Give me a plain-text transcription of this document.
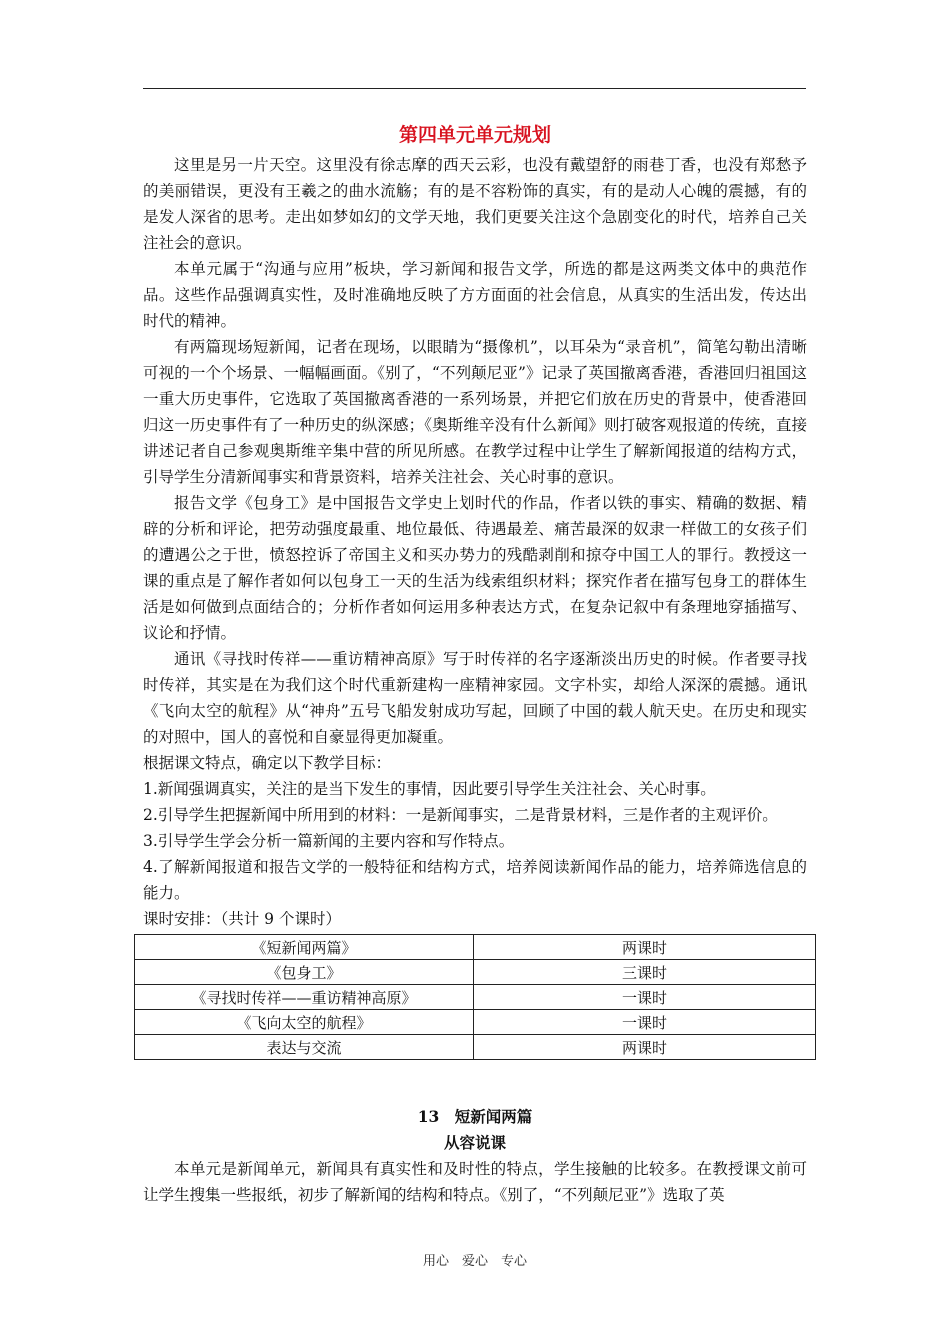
第四单元单元规划

这里是另一片天空。这里没有徐志摩的西天云彩，也没有戴望舒的雨巷丁香，也没有郑愁予的美丽错误，更没有王羲之的曲水流觞；有的是不容粉饰的真实，有的是动人心魄的震撼，有的是发人深省的思考。走出如梦如幻的文学天地，我们更要关注这个急剧变化的时代，培养自己关注社会的意识。

本单元属于“沟通与应用”板块，学习新闻和报告文学，所选的都是这两类文体中的典范作品。这些作品强调真实性，及时准确地反映了方方面面的社会信息，从真实的生活出发，传达出时代的精神。

有两篇现场短新闻，记者在现场，以眼睛为“摄像机”，以耳朵为“录音机”，简笔勾勒出清晰可视的一个个场景、一幅幅画面。《别了，“不列颠尼亚”》记录了英国撤离香港，香港回归祖国这一重大历史事件，它选取了英国撤离香港的一系列场景，并把它们放在历史的背景中，使香港回归这一历史事件有了一种历史的纵深感；《奥斯维辛没有什么新闻》则打破客观报道的传统，直接讲述记者自己参观奥斯维辛集中营的所见所感。在教学过程中让学生了解新闻报道的结构方式，引导学生分清新闻事实和背景资料，培养关注社会、关心时事的意识。

报告文学《包身工》是中国报告文学史上划时代的作品，作者以铁的事实、精确的数据、精辟的分析和评论，把劳动强度最重、地位最低、待遇最差、痛苦最深的奴隶一样做工的女孩子们的遭遇公之于世，愤怒控诉了帝国主义和买办势力的残酷剥削和掠夺中国工人的罪行。教授这一课的重点是了解作者如何以包身工一天的生活为线索组织材料；探究作者在描写包身工的群体生活是如何做到点面结合的；分析作者如何运用多种表达方式，在复杂记叙中有条理地穿插描写、议论和抒情。

通讯《寻找时传祥——重访精神高原》写于时传祥的名字逐渐淡出历史的时候。作者要寻找时传祥，其实是在为我们这个时代重新建构一座精神家园。文字朴实，却给人深深的震撼。通讯《飞向太空的航程》从“神舟”五号飞船发射成功写起，回顾了中国的载人航天史。在历史和现实的对照中，国人的喜悦和自豪显得更加凝重。

根据课文特点，确定以下教学目标：

1.新闻强调真实，关注的是当下发生的事情，因此要引导学生关注社会、关心时事。

2.引导学生把握新闻中所用到的材料：一是新闻事实，二是背景材料，三是作者的主观评价。

3.引导学生学会分析一篇新闻的主要内容和写作特点。

4.了解新闻报道和报告文学的一般特征和结构方式，培养阅读新闻作品的能力，培养筛选信息的能力。

课时安排：（共计 9 个课时）

《短新闻两篇》	两课时
《包身工》	三课时
《寻找时传祥——重访精神高原》	一课时
《飞向太空的航程》	一课时
表达与交流	两课时

13　短新闻两篇

从容说课

本单元是新闻单元，新闻具有真实性和及时性的特点，学生接触的比较多。在教授课文前可让学生搜集一些报纸，初步了解新闻的结构和特点。《别了，“不列颠尼亚”》选取了英

用心　爱心　专心
